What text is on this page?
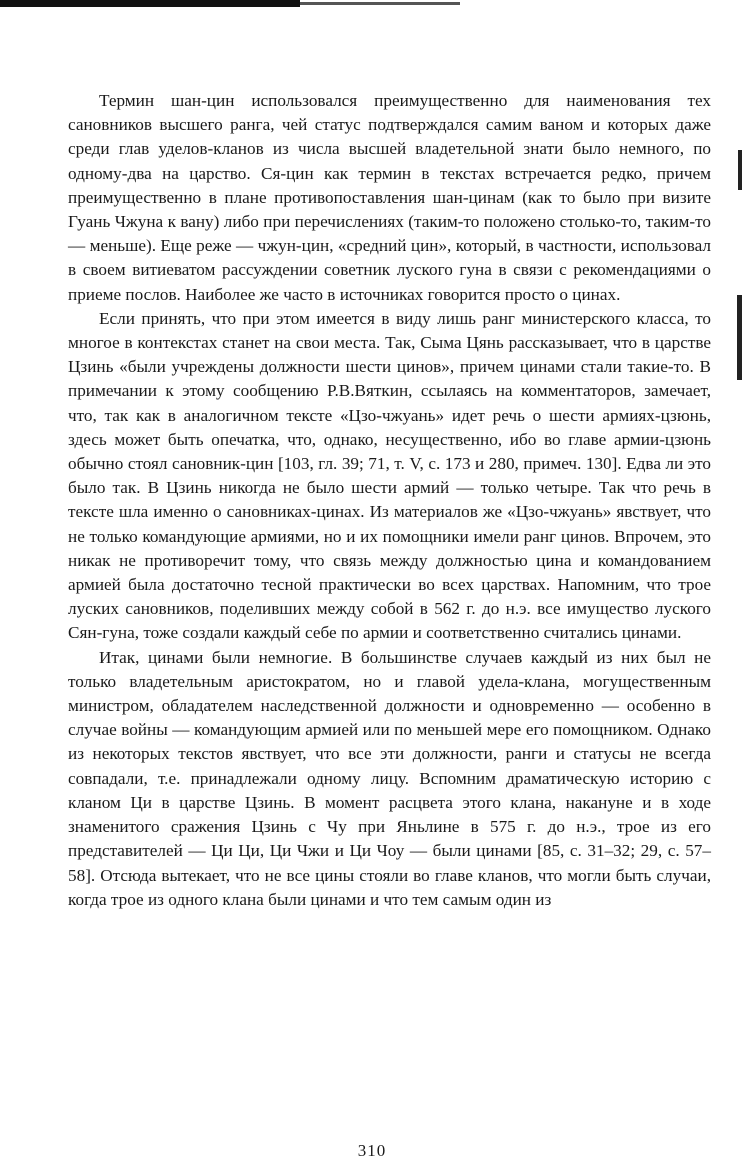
Термин шан-цин использовался преимущественно для наименования тех сановников высшего ранга, чей статус подтверждался самим ваном и которых даже среди глав уделов-кланов из числа высшей владетельной знати было немного, по одному-два на царство. Ся-цин как термин в текстах встречается редко, причем преимущественно в плане противопоставления шан-цинам (как то было при визите Гуань Чжуна к вану) либо при перечислениях (таким-то положено столько-то, таким-то — меньше). Еще реже — чжун-цин, «средний цин», который, в частности, использовал в своем витиеватом рассуждении советник луского гуна в связи с рекомендациями о приеме послов. Наиболее же часто в источниках говорится просто о цинах.

Если принять, что при этом имеется в виду лишь ранг министерского класса, то многое в контекстах станет на свои места. Так, Сыма Цянь рассказывает, что в царстве Цзинь «были учреждены должности шести цинов», причем цинами стали такие-то. В примечании к этому сообщению Р.В.Вяткин, ссылаясь на комментаторов, замечает, что, так как в аналогичном тексте «Цзо-чжуань» идет речь о шести армиях-цзюнь, здесь может быть опечатка, что, однако, несущественно, ибо во главе армии-цзюнь обычно стоял сановник-цин [103, гл. 39; 71, т. V, с. 173 и 280, примеч. 130]. Едва ли это было так. В Цзинь никогда не было шести армий — только четыре. Так что речь в тексте шла именно о сановниках-цинах. Из материалов же «Цзо-чжуань» явствует, что не только командующие армиями, но и их помощники имели ранг цинов. Впрочем, это никак не противоречит тому, что связь между должностью цина и командованием армией была достаточно тесной практически во всех царствах. Напомним, что трое луских сановников, поделивших между собой в 562 г. до н.э. все имущество луского Сян-гуна, тоже создали каждый себе по армии и соответственно считались цинами.

Итак, цинами были немногие. В большинстве случаев каждый из них был не только владетельным аристократом, но и главой удела-клана, могущественным министром, обладателем наследственной должности и одновременно — особенно в случае войны — командующим армией или по меньшей мере его помощником. Однако из некоторых текстов явствует, что все эти должности, ранги и статусы не всегда совпадали, т.е. принадлежали одному лицу. Вспомним драматическую историю с кланом Ци в царстве Цзинь. В момент расцвета этого клана, накануне и в ходе знаменитого сражения Цзинь с Чу при Яньлине в 575 г. до н.э., трое из его представителей — Ци Ци, Ци Чжи и Ци Чоу — были цинами [85, с. 31–32; 29, с. 57–58]. Отсюда вытекает, что не все цины стояли во главе кланов, что могли быть случаи, когда трое из одного клана были цинами и что тем самым один из

310
